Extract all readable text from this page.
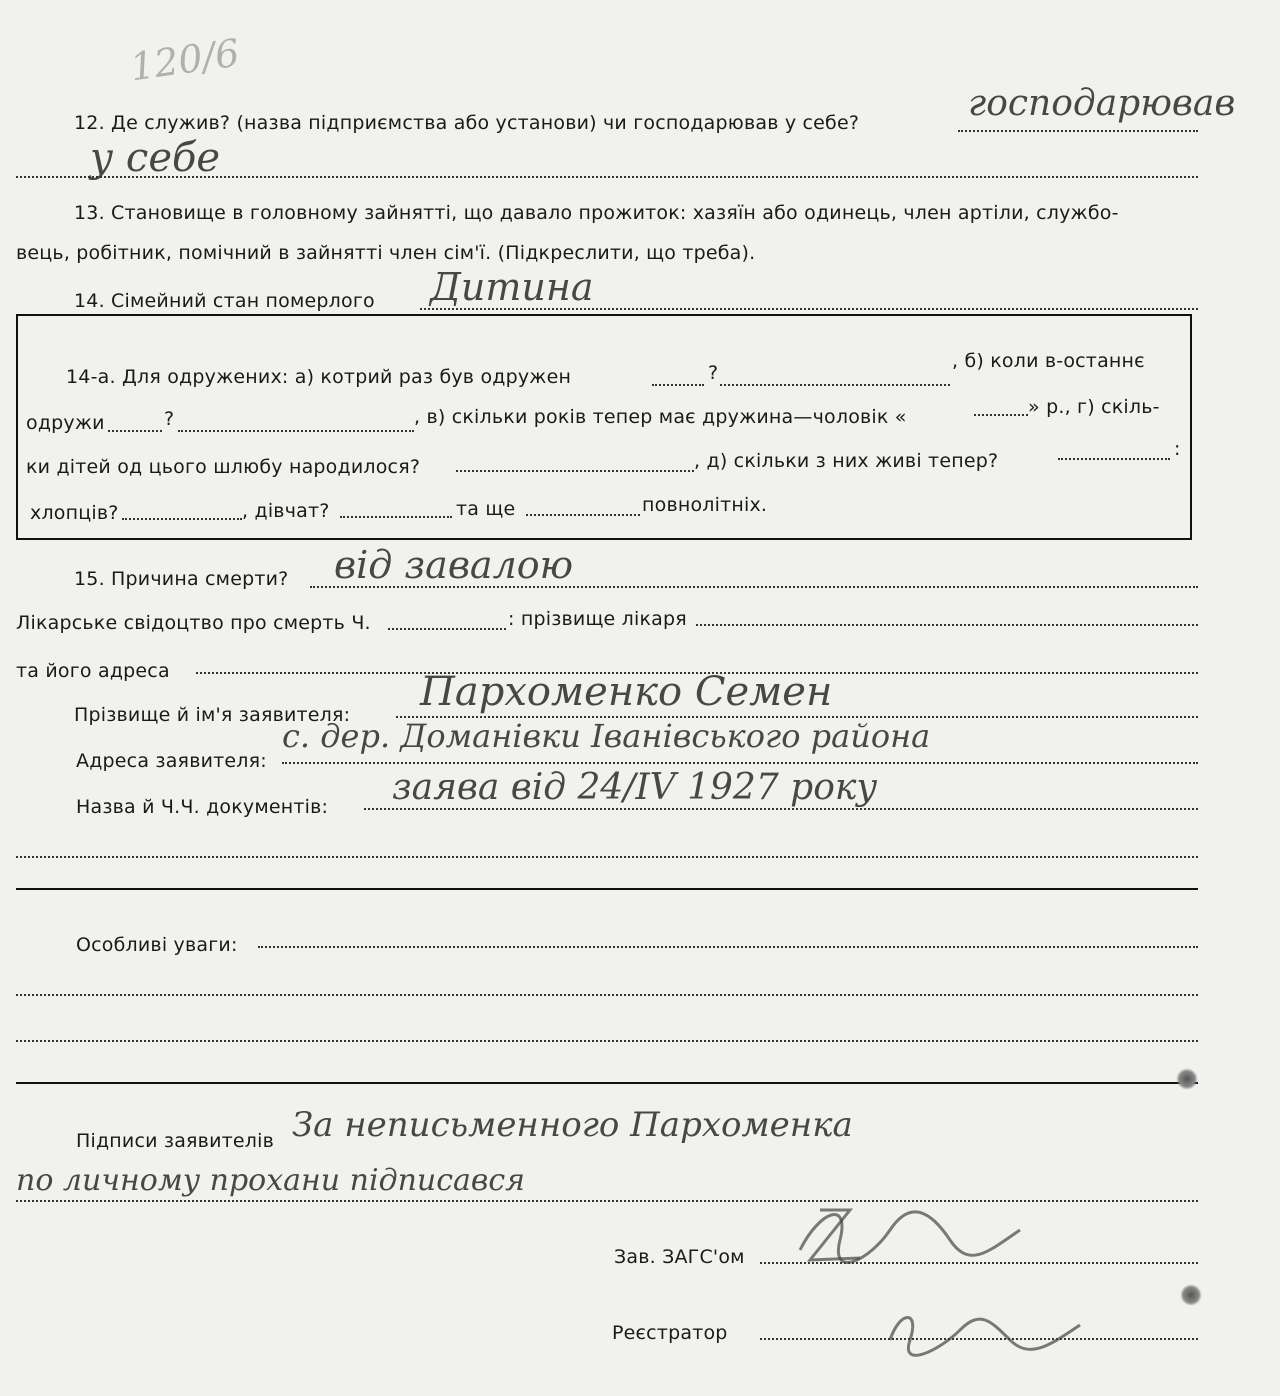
120/6
12. Де служив? (назва підприємства або установи) чи господарював у себе?	господарював
у себе
13. Становище в головному зайнятті, що давало прожиток: хазяїн або одинець, член артіли, службо-
вець, робітник, помічний в зайнятті член сім'ї. (Підкреслити, що треба).
14. Сімейний стан померлого Дитина
14-а. Для одружених: а) котрий раз був одружен	?
, б) коли в-останнє
одружи	?	, в) скільки років тепер має дружина—чоловік «	» р., г) скіль-
ки дітей од цього шлюбу народилося?	, д) скільки з них живі тепер?
:
хлопців?	, дівчат?	та ще	повнолітніх.
15. Причина смерти? від завалою
Лікарське свідоцтво про смерть Ч.	: прізвище лікаря
та його адреса
Прізвище й ім'я заявителя: Пархоменко Семен
Адреса заявителя:
с. дер. Доманівки Іванівського района
Назва й Ч.Ч. документів: заява від 24/IV 1927 року
Особливі уваги:
Підписи заявителів За неписьменного Пархоменка
по личному прохани підписався
Зав. ЗАГС'ом
Реєстратор
